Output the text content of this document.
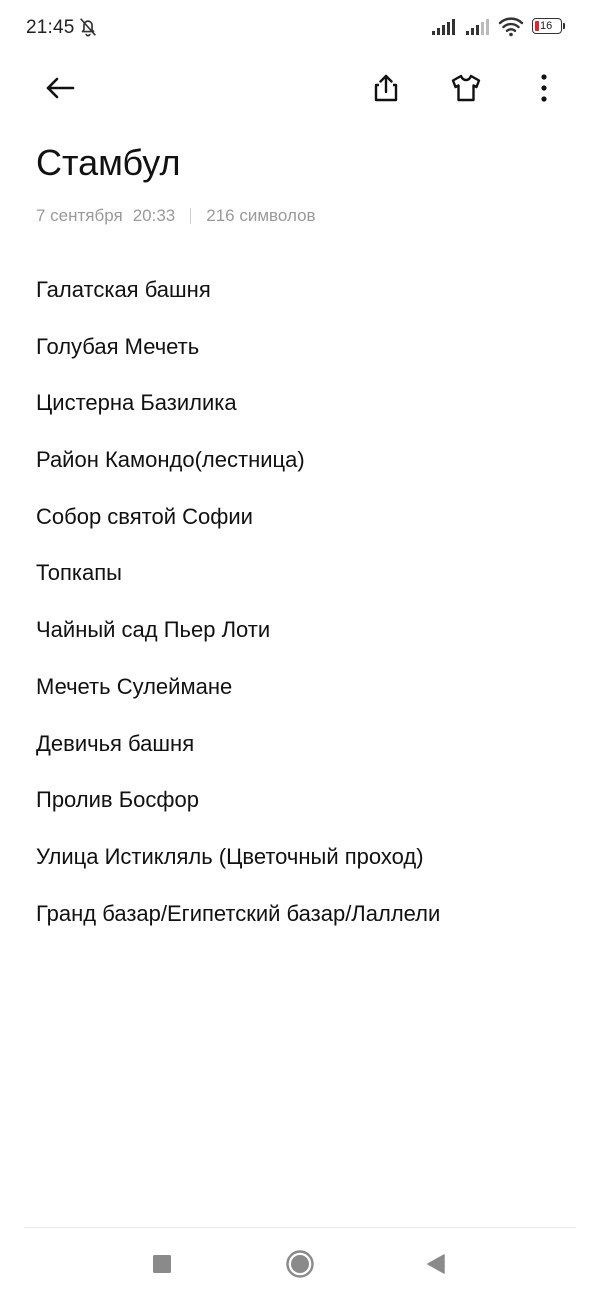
21:45	16
Стамбул
7 сентября 20:33 216 символов
Галатская башня
Голубая Мечеть
Цистерна Базилика
Район Камондо(лестница)
Собор святой Софии
Топкапы
Чайный сад Пьер Лоти
Мечеть Сулеймане
Девичья башня
Пролив Босфор
Улица Истикляль (Цветочный проход)
Гранд базар/Египетский базар/Лаллели
